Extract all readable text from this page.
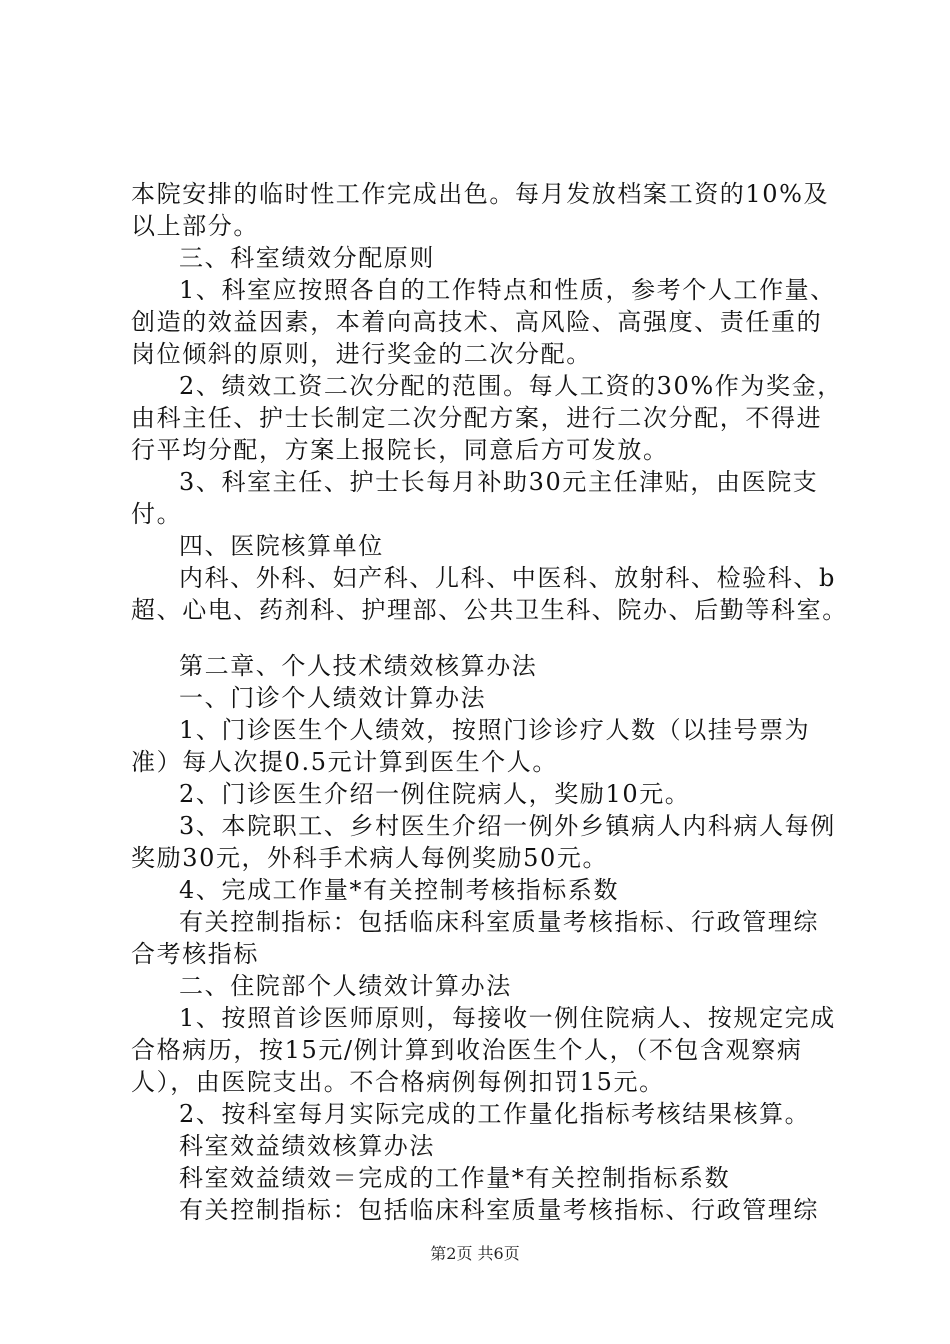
本院安排的临时性工作完成出色。每月发放档案工资的10%及

以上部分。

三、科室绩效分配原则

1、科室应按照各自的工作特点和性质，参考个人工作量、

创造的效益因素，本着向高技术、高风险、高强度、责任重的

岗位倾斜的原则，进行奖金的二次分配。

2、绩效工资二次分配的范围。每人工资的30%作为奖金，

由科主任、护士长制定二次分配方案，进行二次分配，不得进

行平均分配，方案上报院长，同意后方可发放。

3、科室主任、护士长每月补助30元主任津贴，由医院支

付。

四、医院核算单位

内科、外科、妇产科、儿科、中医科、放射科、检验科、b

超、心电、药剂科、护理部、公共卫生科、院办、后勤等科室。

第二章、个人技术绩效核算办法

一、门诊个人绩效计算办法

1、门诊医生个人绩效，按照门诊诊疗人数（以挂号票为

准）每人次提0.5元计算到医生个人。

2、门诊医生介绍一例住院病人，奖励10元。

3、本院职工、乡村医生介绍一例外乡镇病人内科病人每例

奖励30元，外科手术病人每例奖励50元。

4、完成工作量*有关控制考核指标系数

有关控制指标：包括临床科室质量考核指标、行政管理综

合考核指标

二、住院部个人绩效计算办法

1、按照首诊医师原则，每接收一例住院病人、按规定完成

合格病历，按15元/例计算到收治医生个人，（不包含观察病

人），由医院支出。不合格病例每例扣罚15元。

2、按科室每月实际完成的工作量化指标考核结果核算。

科室效益绩效核算办法

科室效益绩效＝完成的工作量*有关控制指标系数

有关控制指标：包括临床科室质量考核指标、行政管理综

第2页 共6页
